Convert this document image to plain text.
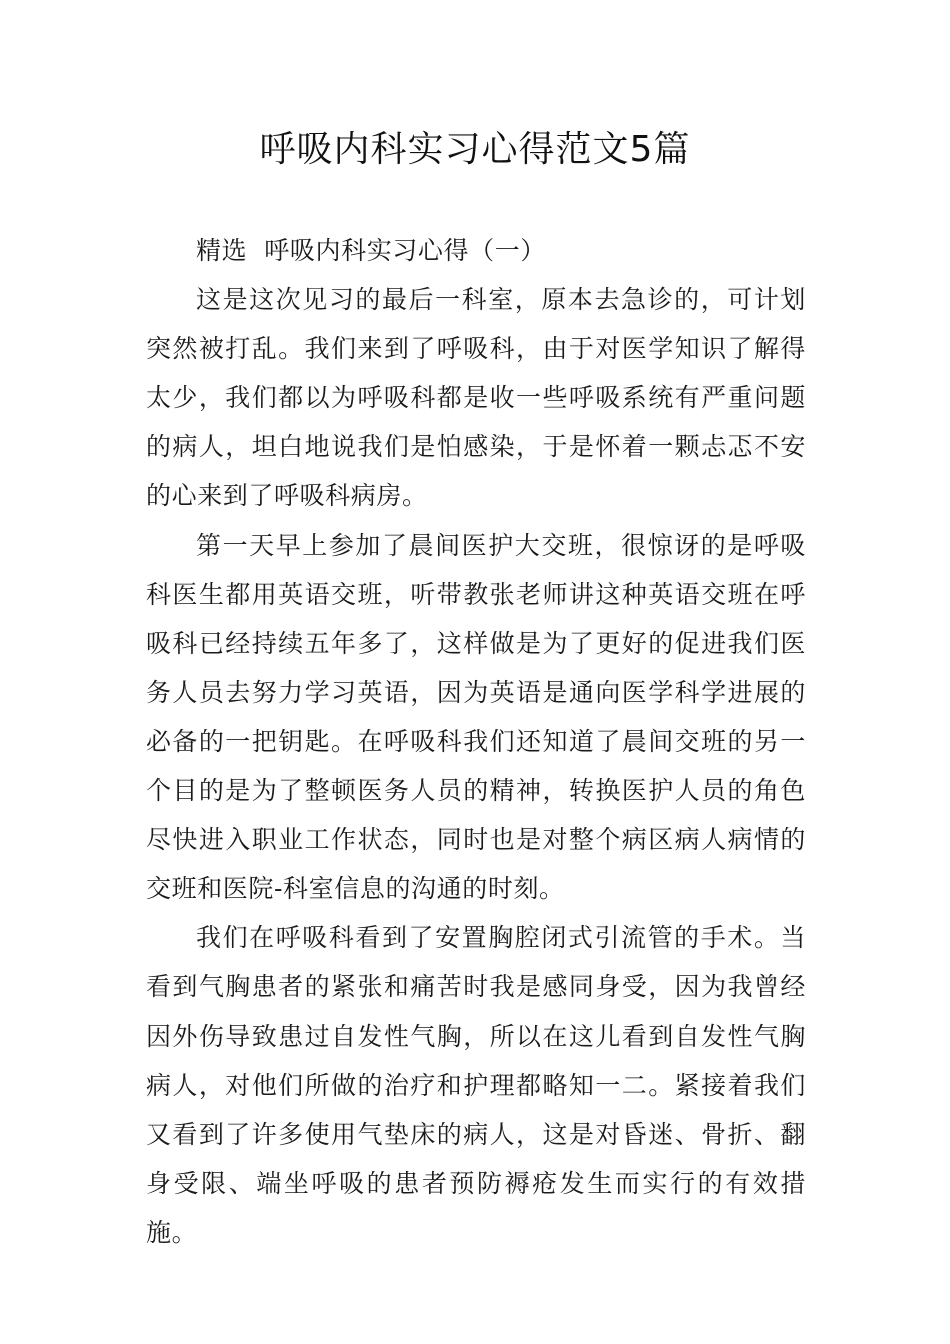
呼吸内科实习心得范文5篇

精选  呼吸内科实习心得（一）

这是这次见习的最后一科室，原本去急诊的，可计划突然被打乱。我们来到了呼吸科，由于对医学知识了解得太少，我们都以为呼吸科都是收一些呼吸系统有严重问题的病人，坦白地说我们是怕感染，于是怀着一颗忐忑不安的心来到了呼吸科病房。

第一天早上参加了晨间医护大交班，很惊讶的是呼吸科医生都用英语交班，听带教张老师讲这种英语交班在呼吸科已经持续五年多了，这样做是为了更好的促进我们医务人员去努力学习英语，因为英语是通向医学科学进展的必备的一把钥匙。在呼吸科我们还知道了晨间交班的另一个目的是为了整顿医务人员的精神，转换医护人员的角色尽快进入职业工作状态，同时也是对整个病区病人病情的交班和医院-科室信息的沟通的时刻。

我们在呼吸科看到了安置胸腔闭式引流管的手术。当看到气胸患者的紧张和痛苦时我是感同身受，因为我曾经因外伤导致患过自发性气胸，所以在这儿看到自发性气胸病人，对他们所做的治疗和护理都略知一二。紧接着我们又看到了许多使用气垫床的病人，这是对昏迷、骨折、翻身受限、端坐呼吸的患者预防褥疮发生而实行的有效措施。
